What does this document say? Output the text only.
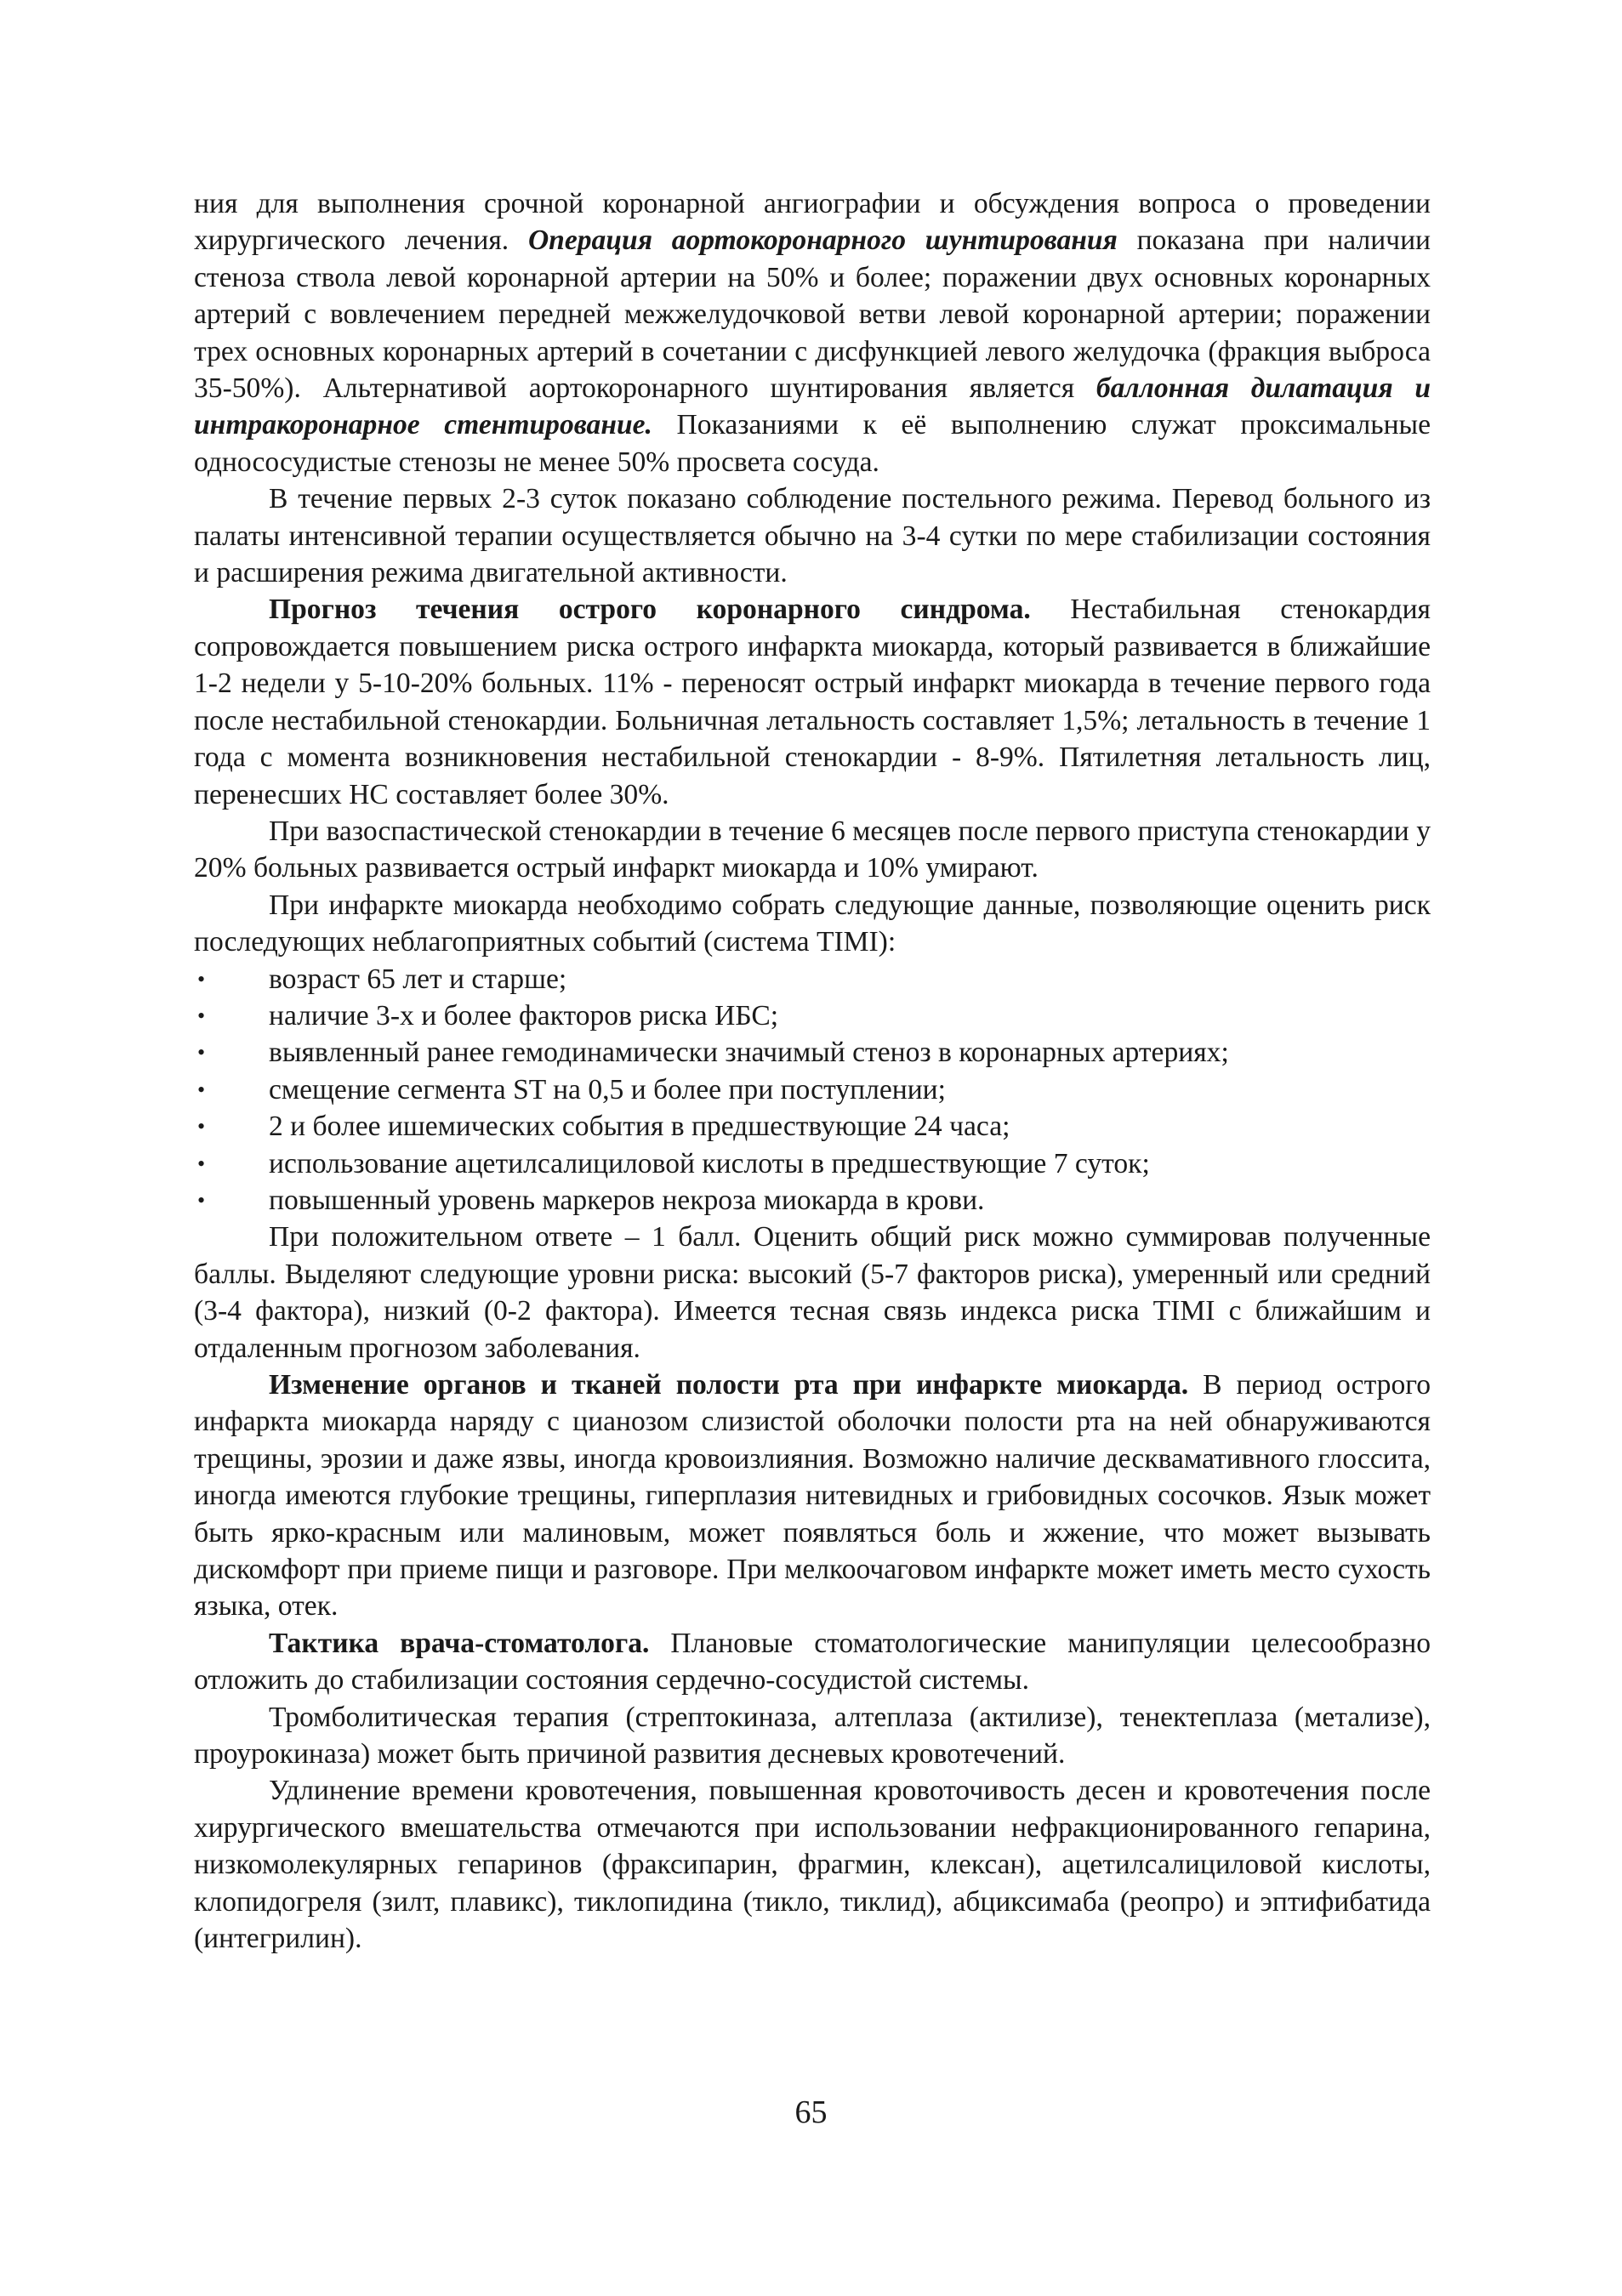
ния для выполнения срочной коронарной ангиографии и обсуждения вопроса о проведении хирургического лечения. Операция аортокоронарного шунтирования показана при наличии стеноза ствола левой коронарной артерии на 50% и более; поражении двух основных коронарных артерий с вовлечением передней межжелудочковой ветви левой коронарной артерии; поражении трех основных коронарных артерий в сочетании с дисфункцией левого желудочка (фракция выброса 35-50%). Альтернативой аортокоронарного шунтирования является баллонная дилатация и интракоронарное стентирование. Показаниями к её выполнению служат проксимальные однососудистые стенозы не менее 50% просвета сосуда.

В течение первых 2-3 суток показано соблюдение постельного режима. Перевод больного из палаты интенсивной терапии осуществляется обычно на 3-4 сутки по мере стабилизации состояния и расширения режима двигательной активности.

Прогноз течения острого коронарного синдрома. Нестабильная стенокардия сопровождается повышением риска острого инфаркта миокарда, который развивается в ближайшие 1-2 недели у 5-10-20% больных. 11% - переносят острый инфаркт миокарда в течение первого года после нестабильной стенокардии. Больничная летальность составляет 1,5%; летальность в течение 1 года с момента возникновения нестабильной стенокардии - 8-9%. Пятилетняя летальность лиц, перенесших НС составляет более 30%.

При вазоспастической стенокардии в течение 6 месяцев после первого приступа стенокардии у 20% больных развивается острый инфаркт миокарда и 10% умирают.

При инфаркте миокарда необходимо собрать следующие данные, позволяющие оценить риск последующих неблагоприятных событий (система TIMI):

• возраст 65 лет и старше;
• наличие 3-х и более факторов риска ИБС;
• выявленный ранее гемодинамически значимый стеноз в коронарных артериях;
• смещение сегмента ST на 0,5 и более при поступлении;
• 2 и более ишемических события в предшествующие 24 часа;
• использование ацетилсалициловой кислоты в предшествующие 7 суток;
• повышенный уровень маркеров некроза миокарда в крови.

При положительном ответе – 1 балл. Оценить общий риск можно суммировав полученные баллы. Выделяют следующие уровни риска: высокий (5-7 факторов риска), умеренный или средний (3-4 фактора), низкий (0-2 фактора). Имеется тесная связь индекса риска TIMI с ближайшим и отдаленным прогнозом заболевания.

Изменение органов и тканей полости рта при инфаркте миокарда. В период острого инфаркта миокарда наряду с цианозом слизистой оболочки полости рта на ней обнаруживаются трещины, эрозии и даже язвы, иногда кровоизлияния. Возможно наличие десквамативного глоссита, иногда имеются глубокие трещины, гиперплазия нитевидных и грибовидных сосочков. Язык может быть ярко-красным или малиновым, может появляться боль и жжение, что может вызывать дискомфорт при приеме пищи и разговоре. При мелкоочаговом инфаркте может иметь место сухость языка, отек.

Тактика врача-стоматолога. Плановые стоматологические манипуляции целесообразно отложить до стабилизации состояния сердечно-сосудистой системы.

Тромболитическая терапия (стрептокиназа, алтеплаза (актилизе), тенектеплаза (метализе), проурокиназа) может быть причиной развития десневых кровотечений.

Удлинение времени кровотечения, повышенная кровоточивость десен и кровотечения после хирургического вмешательства отмечаются при использовании нефракционированного гепарина, низкомолекулярных гепаринов (фраксипарин, фрагмин, клексан), ацетилсалициловой кислоты, клопидогреля (зилт, плавикс), тиклопидина (тикло, тиклид), абциксимаба (реопро) и эптифибатида (интегрилин).

65
